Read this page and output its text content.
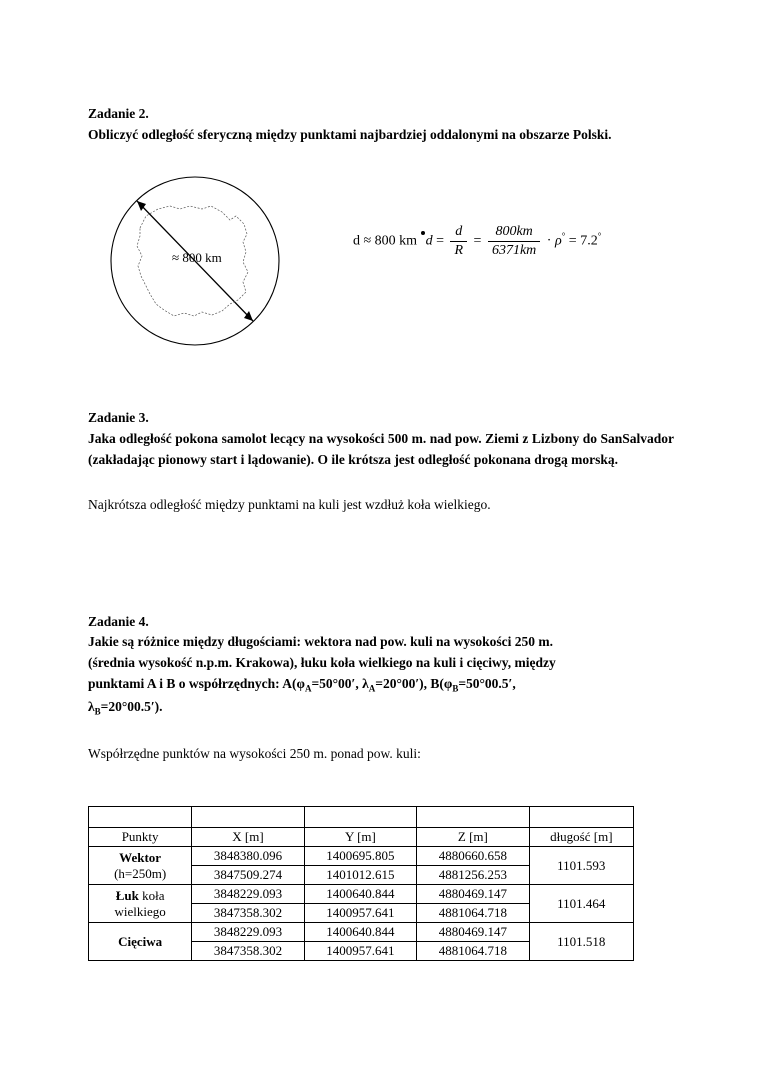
Zadanie 2.

Obliczyć odległość sferyczną między punktami najbardziej oddalonymi na obszarze Polski.

≈ 800 km
d ≈ 800 km $d = \frac{d}{R} = \frac{800km}{6371km} \cdot \rho^\circ = 7.2^\circ$

Zadanie 3.

Jaka odległość pokona samolot lecący na wysokości 500 m. nad pow. Ziemi z Lizbony do SanSalvador (zakładając pionowy start i lądowanie). O ile krótsza jest odległość pokonana drogą morską.

Najkrótsza odległość między punktami na kuli jest wzdłuż koła wielkiego.

Zadanie 4.

Jakie są różnice między długościami: wektora nad pow. kuli na wysokości 250 m.

(średnia wysokość n.p.m. Krakowa), łuku koła wielkiego na kuli i cięciwy, między

punktami A i B o współrzędnych: $A(\varphi_A=50^\circ 00'$, $\lambda_A=20^\circ 00'$), $B(\varphi_B=50^\circ 00.5'$,

$\lambda_B=20^\circ 00.5'$).

Współrzędne punktów na wysokości 250 m. ponad pow. kuli:

Punkty	X [m]	Y [m]	Z [m]	długość [m]
Wektor
(h=250m)	3848380.096	1400695.805	4880660.658	1101.593
	3847509.274	1401012.615	4881256.253	
Łuk koła
wielkiego	3848229.093	1400640.844	4880469.147	1101.464
	3847358.302	1400957.641	4881064.718	
Cięciwa	3848229.093	1400640.844	4880469.147	1101.518
	3847358.302	1400957.641	4881064.718	
